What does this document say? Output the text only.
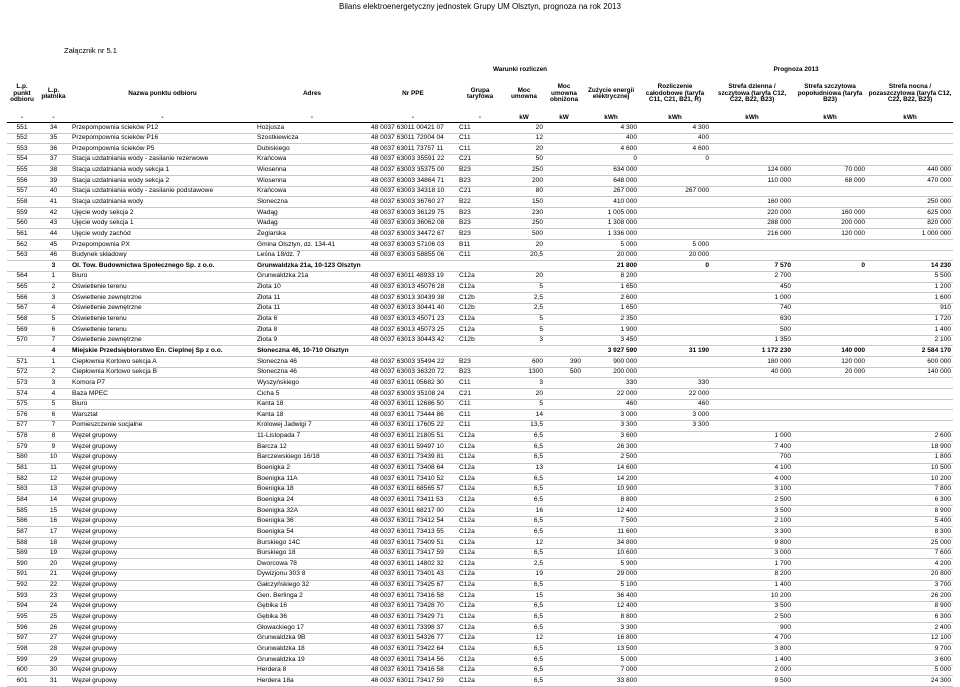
Bilans elektroenergetyczny jednostek Grupy UM Olsztyn, prognoza na rok 2013
Załącznik nr 5.1
					Warunki rozliczeń				Prognoza 2013			
L.p. punkt odbioru	L.p. płatnika	Nazwa punktu odbioru	Adres	Nr PPE	Grupa taryfowa	Moc umowna	Moc umowna obniżona	Zużycie energii elektrycznej	Rozliczenie całodobowe (taryfa C11, C21, B21, R)	Strefa dzienna / szczytowa (taryfa C12, C22, B22, B23)	Strefa szczytowa popołudniowa (taryfa B23)	Strefa nocna / pozaszczytowa (taryfa C12, C22, B22, B23)
-	-	-	-	-	-	kW	kW	kWh	kWh	kWh	kWh	kWh
551	34	Przepompownia ścieków P12	Hożjusza	48 0037 63011 00421 07	C11	20		4 300	4 300			
552	35	Przepompownia ścieków P16	Szostkiewicza	48 0037 63011 72004 04	C11	12		400	400			
553	36	Przepompownia ścieków P5	Dubiskiego	48 0037 63011 73757 11	C11	20		4 600	4 600			
554	37	Stacja uzdatniania wody - zasilanie rezerwowe	Krańcowa	48 0037 63003 35591 22	C21	50		0	0			
555	38	Stacja uzdatniania wody sekcja 1	Wiosenna	48 0037 63003 35375 00	B23	250		634 000		124 000	70 000	440 000
556	39	Stacja uzdatniania wody sekcja 2	Wiosenna	48 0037 63003 34864 71	B23	200		648 000		110 000	68 000	470 000
557	40	Stacja uzdatniania wody - zasilanie podstawowe	Krańcowa	48 0037 63003 34318 10	C21	80		267 000	267 000			
558	41	Stacja uzdatniania wody	Słoneczna	48 0037 63003 36760 27	B22	150		410 000		160 000		250 000
559	42	Ujęcie wody sekcja 2	Wadąg	48 0037 63003 36129 75	B23	230		1 005 000		220 000	160 000	625 000
560	43	Ujęcie wody sekcja 1	Wadąg	48 0037 63003 36062 08	B23	250		1 308 000		288 000	200 000	820 000
561	44	Ujęcie wody zachód	Żeglarska	48 0037 63003 34472 67	B23	500		1 336 000		216 000	120 000	1 000 000
562	45	Przepompownia PX	Gmina Olsztyn, dz. 134-41	48 0037 63003 57106 03	B11	20		5 000	5 000			
563	46	Budynek składowy	Leśna 18/dz. 7	48 0037 63003 58855 06	C11	20,5		20 000	20 000			
	3	Ol. Tow. Budownictwa Społecznego Sp. z o.o.	Grunwaldzka 21a, 10-123 Olsztyn					21 800	0	7 570	0	14 230
564	1	Biuro	Grunwaldzka 21a	48 0037 63011 48933 19	C12a	20		8 200		2 700		5 500
565	2	Oświetlenie terenu	Złota 10	48 0037 63013 45076 28	C12a	5		1 650		450		1 200
566	3	Oświetlenie zewnętrzne	Złota 11	48 0037 63013 30439 38	C12b	2,5		2 600		1 000		1 600
567	4	Oświetlenie zewnętrzne	Złota 11	48 0037 63013 30441 40	C12b	2,5		1 650		740		910
568	5	Oświetlenie terenu	Złota 6	48 0037 63013 45071 23	C12a	5		2 350		630		1 720
569	6	Oświetlenie terenu	Złota 8	48 0037 63013 45073 25	C12a	5		1 900		500		1 400
570	7	Oświetlenie zewnętrzne	Złota 9	48 0037 63013 30443 42	C12b	3		3 450		1 350		2 100
	4	Miejskie Przedsiębiorstwo En. Cieplnej Sp z o.o.	Słoneczna 46, 10-710 Olsztyn					3 927 590	31 190	1 172 230	140 000	2 584 170
571	1	Ciepłownia Kortowo sekcja A	Słoneczna 46	48 0037 63003 35494 22	B23	600	390	900 000		180 000	120 000	600 000
572	2	Ciepłownia Kortowo sekcja B	Słoneczna 46	48 0037 63003 36320 72	B23	1300	500	200 000		40 000	20 000	140 000
573	3	Komora P7	Wyszyńskiego	48 0037 63011 05682 30	C11	3		330	330			
574	4	Baza MPEC	Cicha 5	48 0037 63003 35108 24	C21	20		22 000	22 000			
575	5	Biuro	Kanta 18	48 0037 63011 12686 50	C11	5		460	460			
576	6	Warsztat	Kanta 18	48 0037 63011 73444 86	C11	14		3 000	3 000			
577	7	Pomieszczenie socjalne	Królowej Jadwigi 7	48 0037 63011 17605 22	C11	13,5		3 300	3 300			
578	8	Węzeł grupowy	11-Listopada 7	48 0037 63011 21805 51	C12a	6,5		3 600		1 000		2 600
579	9	Węzeł grupowy	Barcza 12	48 0037 63011 59497 10	C12a	6,5		26 300		7 400		18 900
580	10	Węzeł grupowy	Barczewskiego 16/18	48 0037 63011 73439 81	C12a	6,5		2 500		700		1 800
581	11	Węzeł grupowy	Boenigka 2	48 0037 63011 73408 64	C12a	13		14 600		4 100		10 500
582	12	Węzeł grupowy	Boenigka 11A	48 0037 63011 73410 52	C12a	6,5		14 200		4 000		10 200
583	13	Węzeł grupowy	Boenigka 18	48 0037 63011 68565 57	C12a	6,5		10 900		3 100		7 800
584	14	Węzeł grupowy	Boenigka 24	48 0037 63011 73411 53	C12a	6,5		8 800		2 500		6 300
585	15	Węzeł grupowy	Boenigka 32A	48 0037 63011 68217 00	C12a	16		12 400		3 500		8 900
586	16	Węzeł grupowy	Boenigka 36	48 0037 63011 73412 54	C12a	6,5		7 500		2 100		5 400
587	17	Węzeł grupowy	Boenigka 54	48 0037 63011 73413 55	C12a	6,5		11 600		3 300		8 300
588	18	Węzeł grupowy	Burskiego 14C	48 0037 63011 73409 51	C12a	12		34 800		9 800		25 000
589	19	Węzeł grupowy	Burskiego 18	48 0037 63011 73417 59	C12a	6,5		10 600		3 000		7 600
590	20	Węzeł grupowy	Dworcowa 78	48 0037 63011 14802 32	C12a	2,5		5 900		1 700		4 200
591	21	Węzeł grupowy	Dywizjonu 303 8	48 0037 63011 73401 43	C12a	19		29 000		8 200		20 800
592	22	Węzeł grupowy	Gałczyńskiego 32	48 0037 63011 73425 67	C12a	6,5		5 100		1 400		3 700
593	23	Węzeł grupowy	Gen. Berlinga 2	48 0037 63011 73416 58	C12a	15		36 400		10 200		26 200
594	24	Węzeł grupowy	Gębika 16	48 0037 63011 73428 70	C12a	6,5		12 400		3 500		8 900
595	25	Węzeł grupowy	Gębika 36	48 0037 63011 73429 71	C12a	6,5		8 800		2 500		6 300
596	26	Węzeł grupowy	Głowackiego 17	48 0037 63011 73398 37	C12a	6,5		3 300		900		2 400
597	27	Węzeł grupowy	Grunwaldzka 9B	48 0037 63011 54326 77	C12a	12		16 800		4 700		12 100
598	28	Węzeł grupowy	Grunwaldzka 18	48 0037 63011 73422 64	C12a	6,5		13 500		3 800		9 700
599	29	Węzeł grupowy	Grunwaldzka 19	48 0037 63011 73414 56	C12a	6,5		5 000		1 400		3 600
600	30	Węzeł grupowy	Herdera 8	48 0037 63011 73416 58	C12a	6,5		7 000		2 000		5 000
601	31	Węzeł grupowy	Herdera 18a	48 0037 63011 73417 59	C12a	6,5		33 800		9 500		24 300
